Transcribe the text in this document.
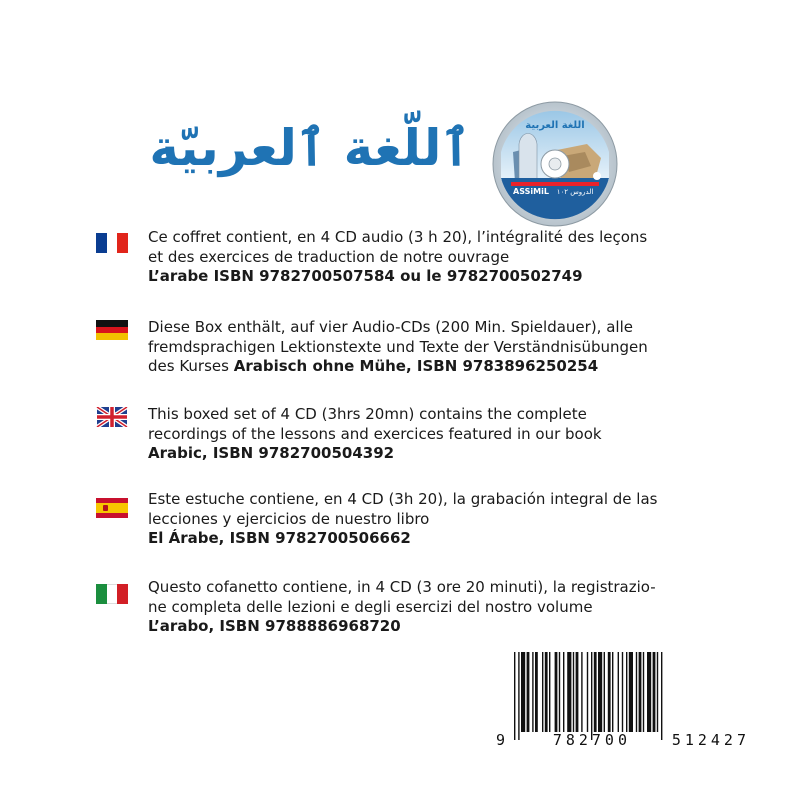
ٱللّغة ٱلعربيّة	اللغة العربية
ASSiMiL الدروس ١٠٢
Ce coffret contient, en 4 CD audio (3 h 20), l’intégralité des leçons
et des exercices de traduction de notre ouvrage
L’arabe ISBN 9782700507584 ou le 9782700502749
Diese Box enthält, auf vier Audio-CDs (200 Min. Spieldauer), alle
fremdsprachigen Lektionstexte und Texte der Verständnisübungen
des Kurses Arabisch ohne Mühe, ISBN 9783896250254
This boxed set of 4 CD (3hrs 20mn) contains the complete
recordings of the lessons and exercices featured in our book
Arabic, ISBN 9782700504392
Este estuche contiene, en 4 CD (3h 20), la grabación integral de las
lecciones y ejercicios de nuestro libro
El Árabe, ISBN 9782700506662
Questo cofanetto contiene, in 4 CD (3 ore 20 minuti), la registrazio-
ne completa delle lezioni e degli esercizi del nostro volume
L’arabo, ISBN 9788886968720
9	782700	512427
